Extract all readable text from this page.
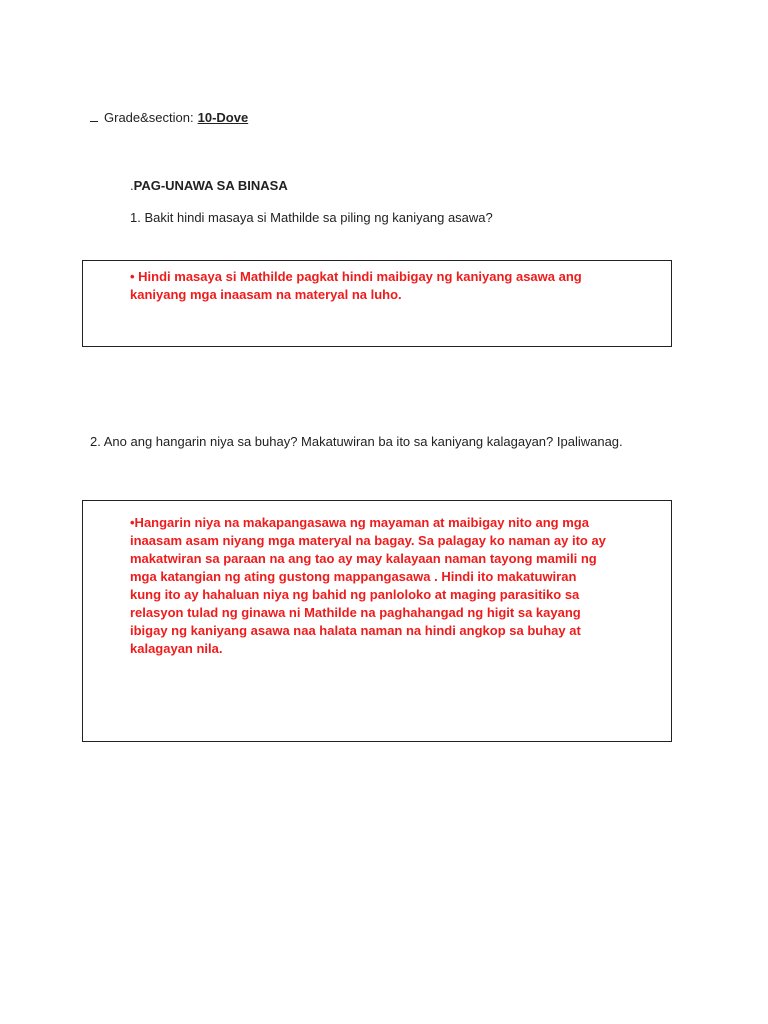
Grade&section: 10-Dove
.PAG-UNAWA SA BINASA
1. Bakit hindi masaya si Mathilde sa piling ng kaniyang asawa?
• Hindi masaya si Mathilde pagkat hindi maibigay ng kaniyang asawa ang kaniyang mga inaasam na materyal na luho.
2. Ano ang hangarin niya sa buhay? Makatuwiran ba ito sa kaniyang kalagayan? Ipaliwanag.
•Hangarin niya na makapangasawa ng mayaman at maibigay nito ang mga inaasam asam niyang mga materyal na bagay. Sa palagay ko naman ay ito ay makatwiran sa paraan na ang tao ay may kalayaan naman tayong mamili ng mga katangian ng ating gustong mappangasawa . Hindi ito makatuwiran kung ito ay hahaluan niya ng bahid ng panloloko at maging parasitiko sa relasyon tulad ng ginawa ni Mathilde na paghahangad ng higit sa kayang ibigay ng kaniyang asawa naa halata naman na hindi angkop sa buhay at kalagayan nila.
